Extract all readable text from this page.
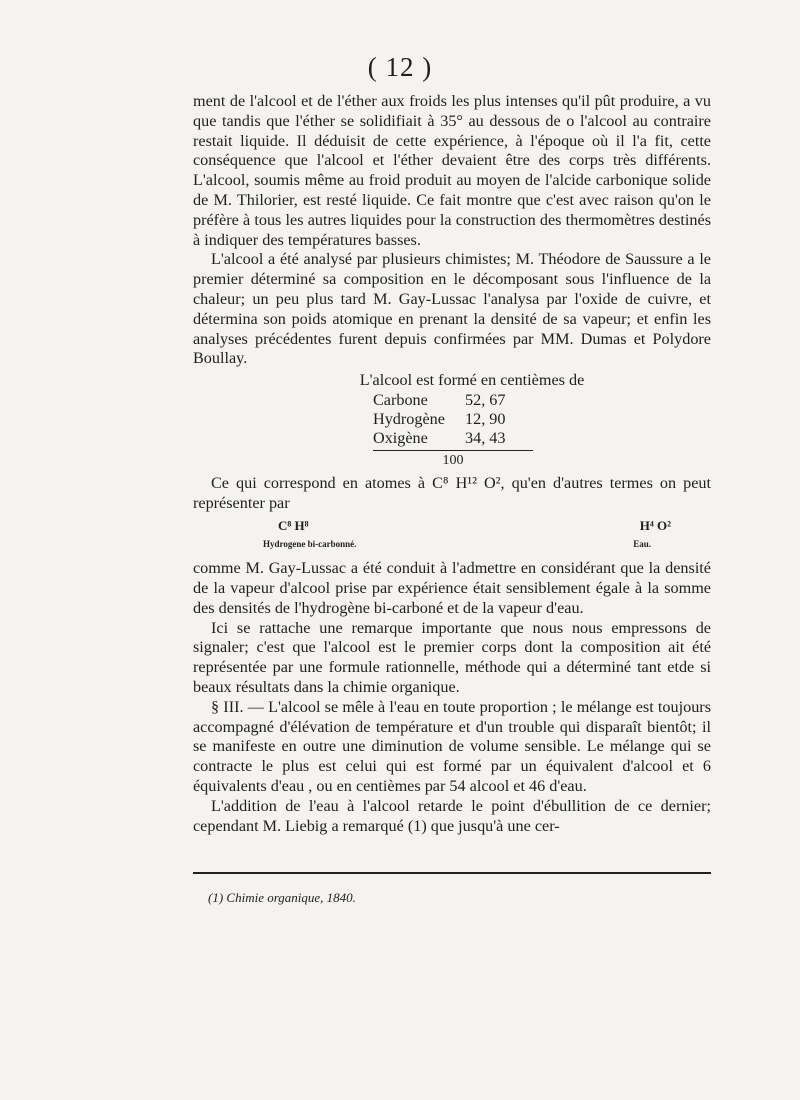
( 12 )

ment de l'alcool et de l'éther aux froids les plus intenses qu'il pût produire, a vu que tandis que l'éther se solidifiait à 35° au dessous de o l'alcool au contraire restait liquide. Il déduisit de cette expérience, à l'époque où il l'a fit, cette conséquence que l'alcool et l'éther devaient être des corps très différents. L'alcool, soumis même au froid produit au moyen de l'alcide carbonique solide de M. Thilorier, est resté liquide. Ce fait montre que c'est avec raison qu'on le préfère à tous les autres liquides pour la construction des thermomètres destinés à indiquer des températures basses.

L'alcool a été analysé par plusieurs chimistes; M. Théodore de Saussure a le premier déterminé sa composition en le décomposant sous l'influence de la chaleur; un peu plus tard M. Gay-Lussac l'analysa par l'oxide de cuivre, et détermina son poids atomique en prenant la densité de sa vapeur; et enfin les analyses précédentes furent depuis confirmées par MM. Dumas et Polydore Boullay.

L'alcool est formé en centièmes de

Carbone	52, 67
Hydrogène	12, 90
Oxigène	34, 43
100

Ce qui correspond en atomes à C⁸ H¹² O², qu'en d'autres termes on peut représenter par

C⁸ H⁸	H⁴ O²
Hydrogene bi-carbonné.	Eau.

comme M. Gay-Lussac a été conduit à l'admettre en considérant que la densité de la vapeur d'alcool prise par expérience était sensiblement égale à la somme des densités de l'hydrogène bi-carboné et de la vapeur d'eau.

Ici se rattache une remarque importante que nous nous empressons de signaler; c'est que l'alcool est le premier corps dont la composition ait été représentée par une formule rationnelle, méthode qui a déterminé tant etde si beaux résultats dans la chimie organique.

§ III. — L'alcool se mêle à l'eau en toute proportion ; le mélange est toujours accompagné d'élévation de température et d'un trouble qui disparaît bientôt; il se manifeste en outre une diminution de volume sensible. Le mélange qui se contracte le plus est celui qui est formé par un équivalent d'alcool et 6 équivalents d'eau , ou en centièmes par 54 alcool et 46 d'eau.

L'addition de l'eau à l'alcool retarde le point d'ébullition de ce dernier; cependant M. Liebig a remarqué (1) que jusqu'à une cer-

(1) Chimie organique, 1840.
